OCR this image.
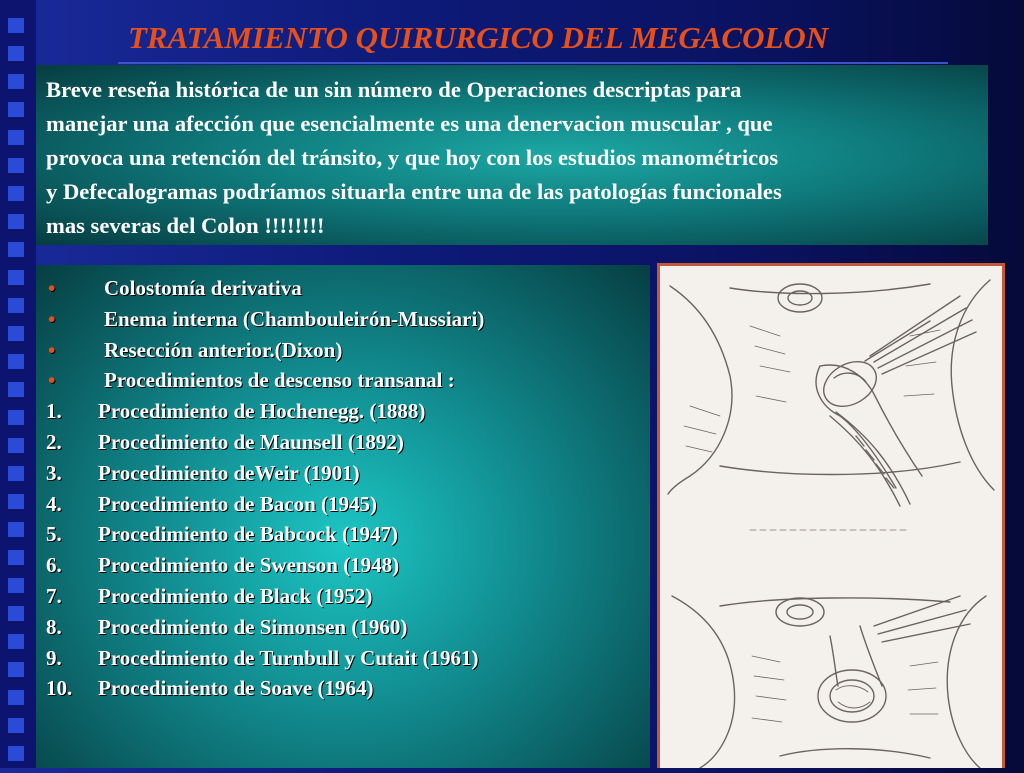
TRATAMIENTO QUIRURGICO DEL MEGACOLON
Breve reseña histórica de un sin número de Operaciones descriptas para
manejar una afección que esencialmente es una denervacion muscular , que
provoca una retención del tránsito, y que hoy con los estudios manométricos
y Defecalogramas podríamos situarla entre una de las patologías funcionales
mas severas del Colon !!!!!!!!
• Colostomía derivativa
• Enema interna (Chambouleirón-Mussiari)
• Resección anterior.(Dixon)
• Procedimientos de descenso transanal :
1. Procedimiento de Hochenegg. (1888)
2. Procedimiento de Maunsell (1892)
3. Procedimiento deWeir (1901)
4. Procedimiento de Bacon (1945)
5. Procedimiento de Babcock (1947)
6. Procedimiento de Swenson (1948)
7. Procedimiento de Black (1952)
8. Procedimiento de Simonsen (1960)
9. Procedimiento de Turnbull y Cutait (1961)
10. Procedimiento de Soave (1964)
